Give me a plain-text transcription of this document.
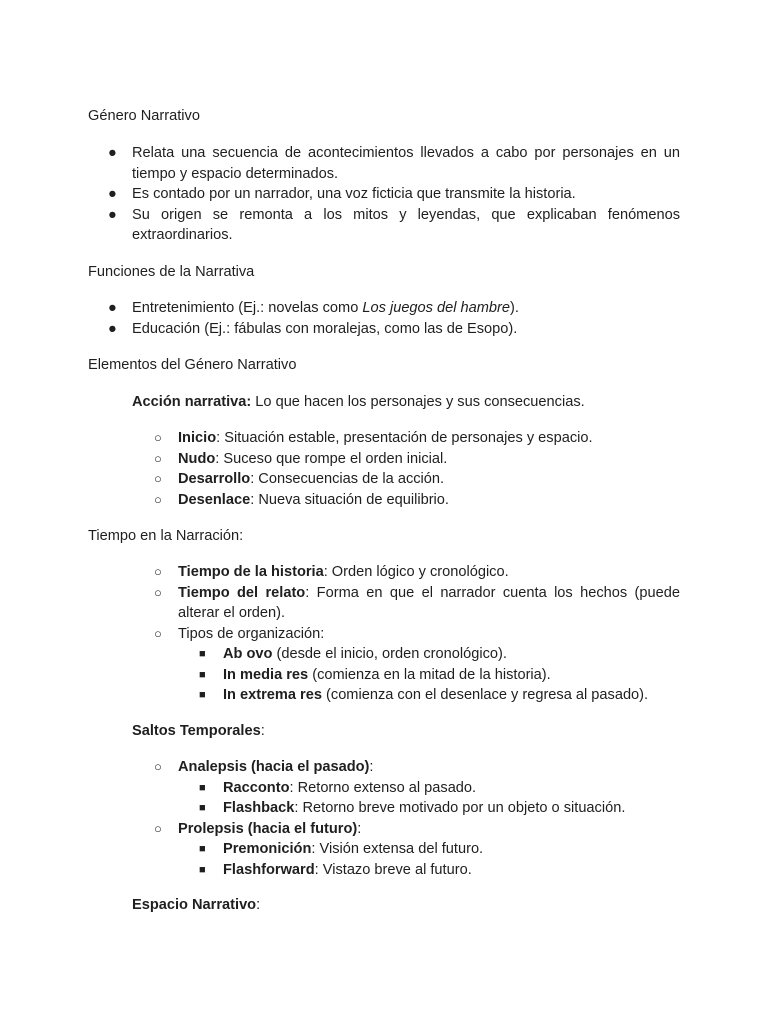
Género Narrativo
● Relata una secuencia de acontecimientos llevados a cabo por personajes en un tiempo y espacio determinados.
● Es contado por un narrador, una voz ficticia que transmite la historia.
● Su origen se remonta a los mitos y leyendas, que explicaban fenómenos extraordinarios.
Funciones de la Narrativa
● Entretenimiento (Ej.: novelas como Los juegos del hambre).
● Educación (Ej.: fábulas con moralejas, como las de Esopo).
Elementos del Género Narrativo
Acción narrativa: Lo que hacen los personajes y sus consecuencias.
○ Inicio: Situación estable, presentación de personajes y espacio.
○ Nudo: Suceso que rompe el orden inicial.
○ Desarrollo: Consecuencias de la acción.
○ Desenlace: Nueva situación de equilibrio.
Tiempo en la Narración:
○ Tiempo de la historia: Orden lógico y cronológico.
○ Tiempo del relato: Forma en que el narrador cuenta los hechos (puede alterar el orden).
○ Tipos de organización:
■ Ab ovo (desde el inicio, orden cronológico).
■ In media res (comienza en la mitad de la historia).
■ In extrema res (comienza con el desenlace y regresa al pasado).
Saltos Temporales:
○ Analepsis (hacia el pasado):
■ Racconto: Retorno extenso al pasado.
■ Flashback: Retorno breve motivado por un objeto o situación.
○ Prolepsis (hacia el futuro):
■ Premonición: Visión extensa del futuro.
■ Flashforward: Vistazo breve al futuro.
Espacio Narrativo:
